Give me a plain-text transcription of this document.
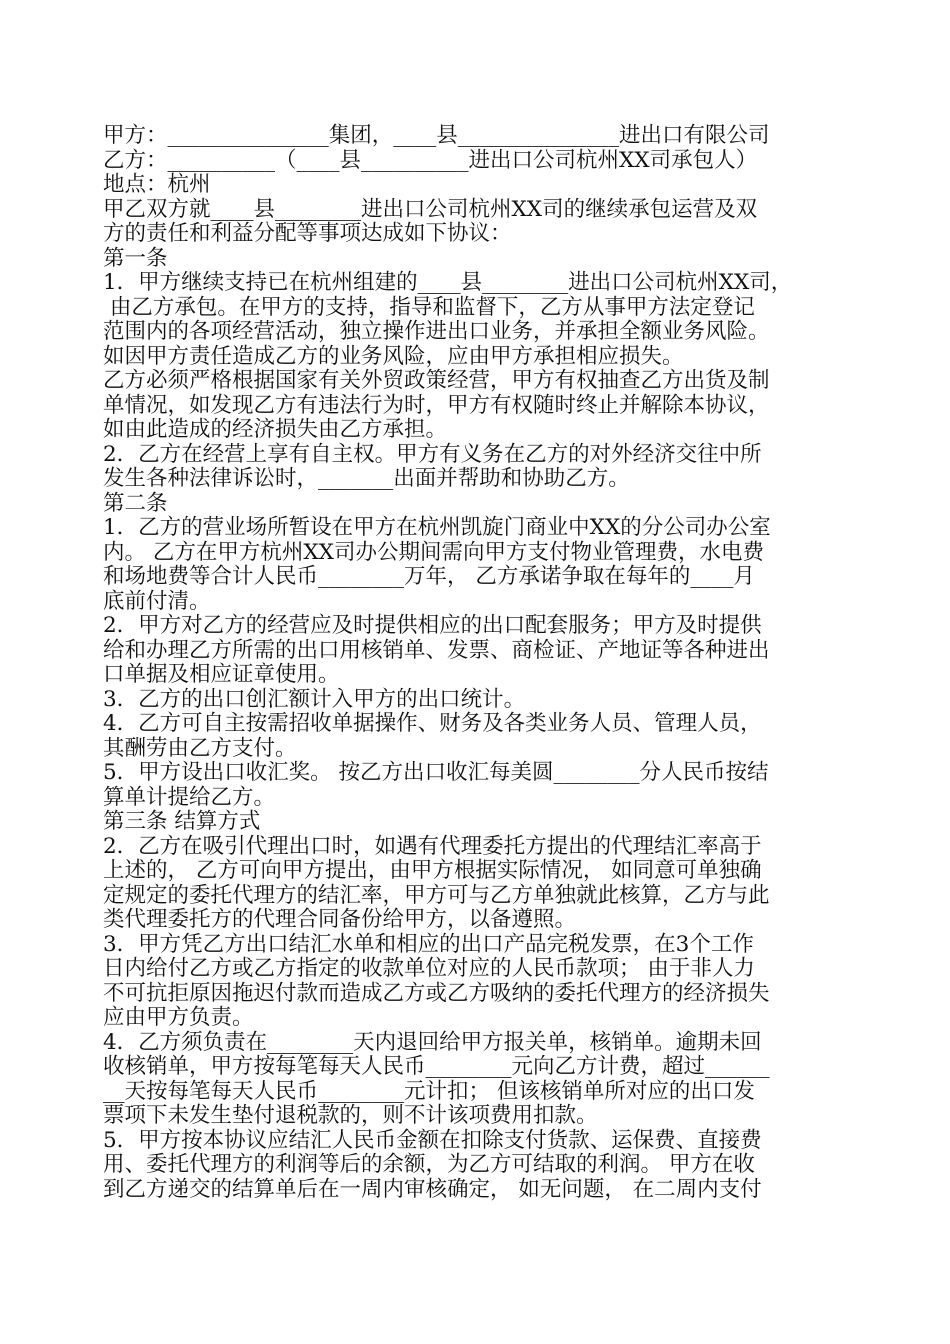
甲方：_______________集团，____县_______________进出口有限公司
乙方：__________（____县__________进出口公司杭州XX司承包人）
地点：杭州
甲乙双方就____县________进出口公司杭州XX司的继续承包运营及双
方的责任和利益分配等事项达成如下协议：
第一条
1．甲方继续支持已在杭州组建的____县________进出口公司杭州XX司，
由乙方承包。在甲方的支持，指导和监督下，乙方从事甲方法定登记
范围内的各项经营活动，独立操作进出口业务，并承担全额业务风险。
如因甲方责任造成乙方的业务风险，应由甲方承担相应损失。
乙方必须严格根据国家有关外贸政策经营，甲方有权抽查乙方出货及制
单情况，如发现乙方有违法行为时，甲方有权随时终止并解除本协议，
如由此造成的经济损失由乙方承担。
2．乙方在经营上享有自主权。甲方有义务在乙方的对外经济交往中所
发生各种法律诉讼时，_______出面并帮助和协助乙方。
第二条
1．乙方的营业场所暂设在甲方在杭州凯旋门商业中XX的分公司办公室
内。 乙方在甲方杭州XX司办公期间需向甲方支付物业管理费，水电费
和场地费等合计人民币________万年， 乙方承诺争取在每年的____月
底前付清。
2．甲方对乙方的经营应及时提供相应的出口配套服务；甲方及时提供
给和办理乙方所需的出口用核销单、发票、商检证、产地证等各种进出
口单据及相应证章使用。
3．乙方的出口创汇额计入甲方的出口统计。
4．乙方可自主按需招收单据操作、财务及各类业务人员、管理人员，
其酬劳由乙方支付。
5．甲方设出口收汇奖。 按乙方出口收汇每美圆________分人民币按结
算单计提给乙方。
第三条 结算方式
2．乙方在吸引代理出口时，如遇有代理委托方提出的代理结汇率高于
上述的， 乙方可向甲方提出，由甲方根据实际情况， 如同意可单独确
定规定的委托代理方的结汇率，甲方可与乙方单独就此核算，乙方与此
类代理委托方的代理合同备份给甲方，以备遵照。
3．甲方凭乙方出口结汇水单和相应的出口产品完税发票，在3个工作
日内给付乙方或乙方指定的收款单位对应的人民币款项； 由于非人力
不可抗拒原因拖迟付款而造成乙方或乙方吸纳的委托代理方的经济损失
应由甲方负责。
4．乙方须负责在________天内退回给甲方报关单，核销单。逾期未回
收核销单，甲方按每笔每天人民币________元向乙方计费，超过______
__天按每笔每天人民币________元计扣； 但该核销单所对应的出口发
票项下未发生垫付退税款的，则不计该项费用扣款。
5．甲方按本协议应结汇人民币金额在扣除支付货款、运保费、直接费
用、委托代理方的利润等后的余额，为乙方可结取的利润。 甲方在收
到乙方递交的结算单后在一周内审核确定， 如无问题， 在二周内支付
